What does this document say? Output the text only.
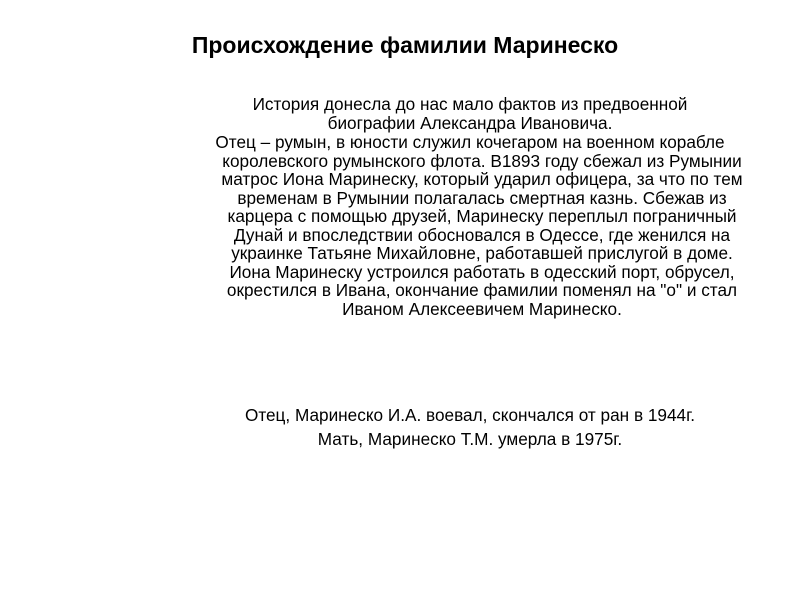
Происхождение фамилии Маринеско

История донесла до нас мало фактов из предвоенной биографии Александра Ивановича.

Отец – румын, в юности служил кочегаром на военном корабле королевского румынского флота. В1893 году сбежал из Румынии матрос Иона Маринеску, который ударил офицера, за что по тем временам в Румынии полагалась смертная казнь. Сбежав из карцера с помощью друзей, Маринеску переплыл пограничный Дунай и впоследствии обосновался в Одессе, где женился на украинке Татьяне Михайловне, работавшей прислугой в доме. Иона Маринеску устроился работать в одесский порт, обрусел, окрестился в Ивана, окончание фамилии поменял на "о" и стал Иваном Алексеевичем Маринеско.

Отец, Маринеско И.А. воевал, скончался от ран в 1944г.

Мать, Маринеско Т.М. умерла в 1975г.
